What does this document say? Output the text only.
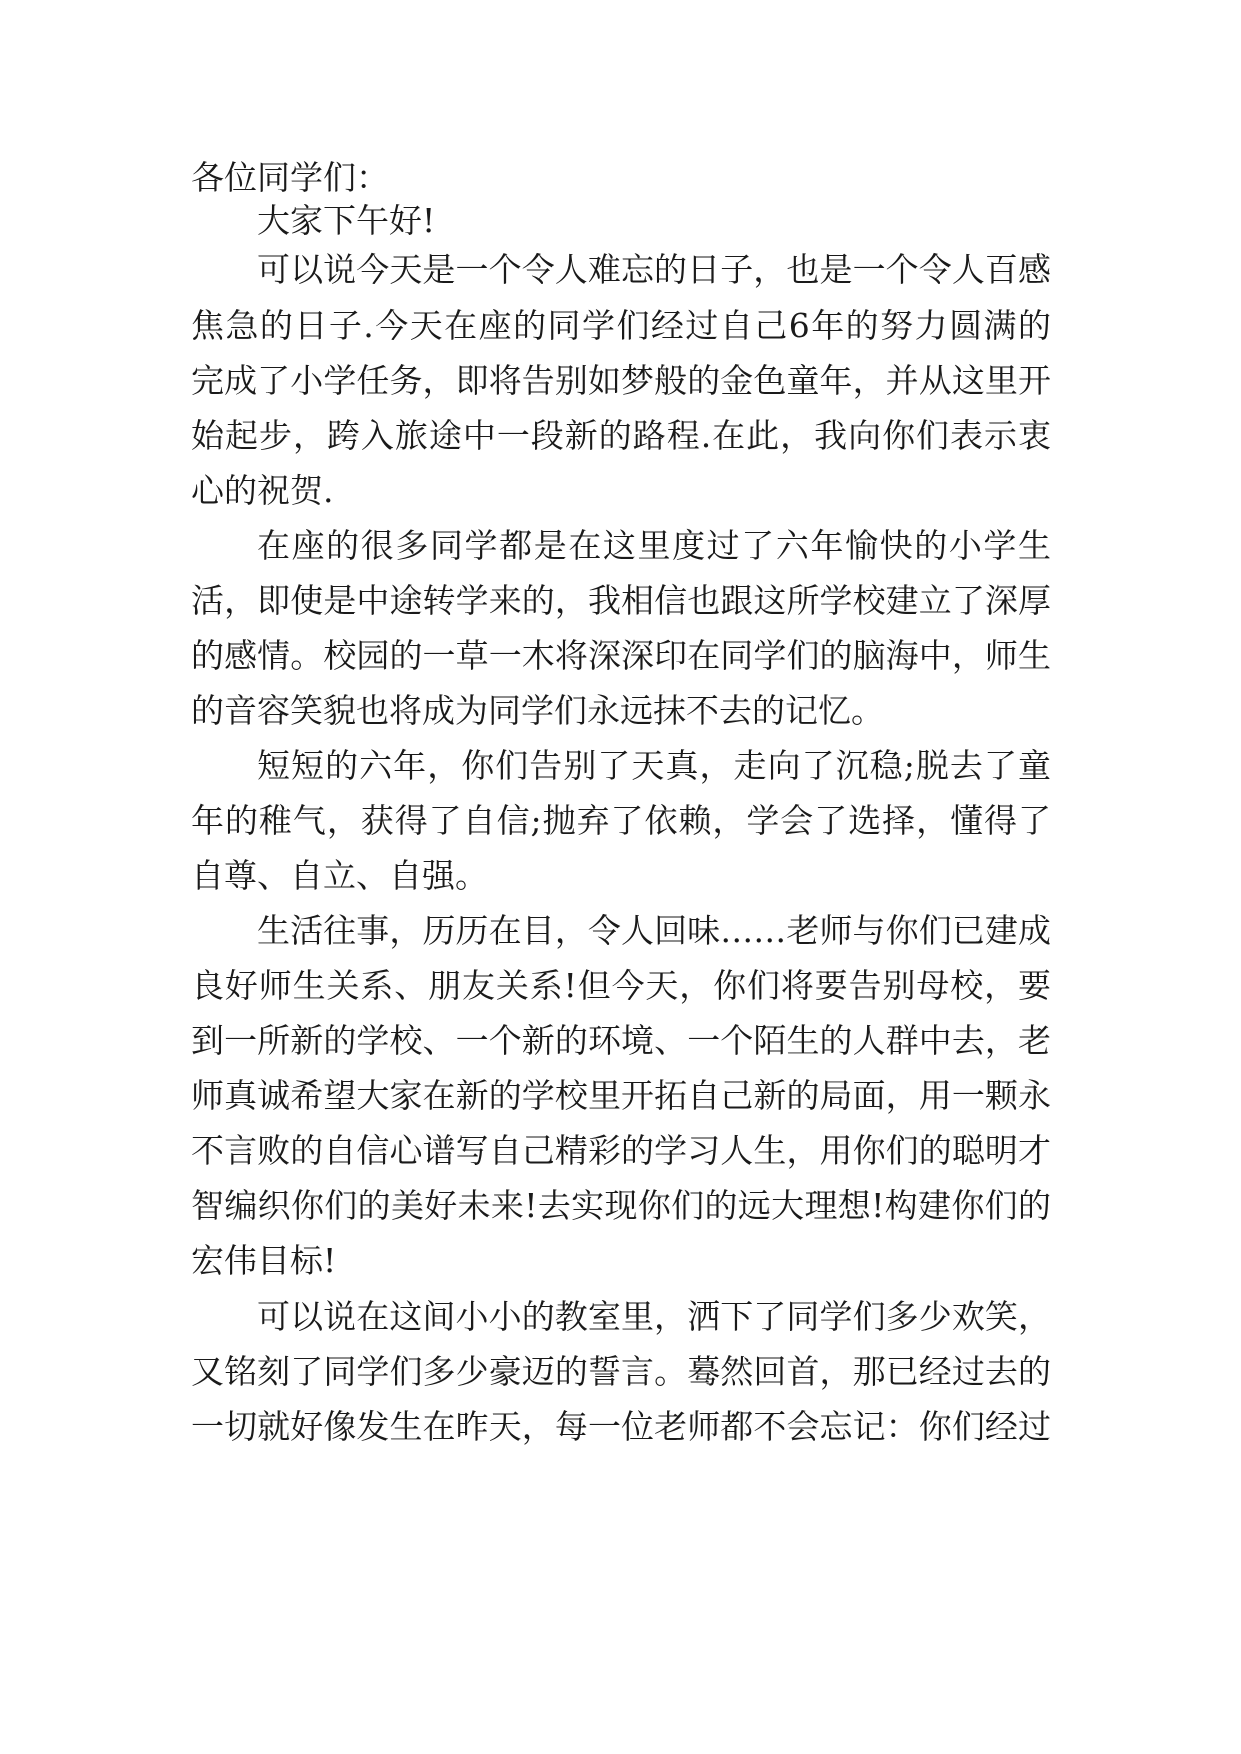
各位同学们：
大家下午好!
可以说今天是一个令人难忘的日子，也是一个令人百感
焦急的日子.今天在座的同学们经过自己6年的努力圆满的
完成了小学任务，即将告别如梦般的金色童年，并从这里开
始起步，跨入旅途中一段新的路程.在此，我向你们表示衷
心的祝贺.
在座的很多同学都是在这里度过了六年愉快的小学生
活，即使是中途转学来的，我相信也跟这所学校建立了深厚
的感情。校园的一草一木将深深印在同学们的脑海中，师生
的音容笑貌也将成为同学们永远抹不去的记忆。
短短的六年，你们告别了天真，走向了沉稳;脱去了童
年的稚气，获得了自信;抛弃了依赖，学会了选择，懂得了
自尊、自立、自强。
生活往事，历历在目，令人回味……老师与你们已建成
良好师生关系、朋友关系!但今天，你们将要告别母校，要
到一所新的学校、一个新的环境、一个陌生的人群中去，老
师真诚希望大家在新的学校里开拓自己新的局面，用一颗永
不言败的自信心谱写自己精彩的学习人生，用你们的聪明才
智编织你们的美好未来!去实现你们的远大理想!构建你们的
宏伟目标!
可以说在这间小小的教室里，洒下了同学们多少欢笑，
又铭刻了同学们多少豪迈的誓言。蓦然回首，那已经过去的
一切就好像发生在昨天，每一位老师都不会忘记：你们经过
